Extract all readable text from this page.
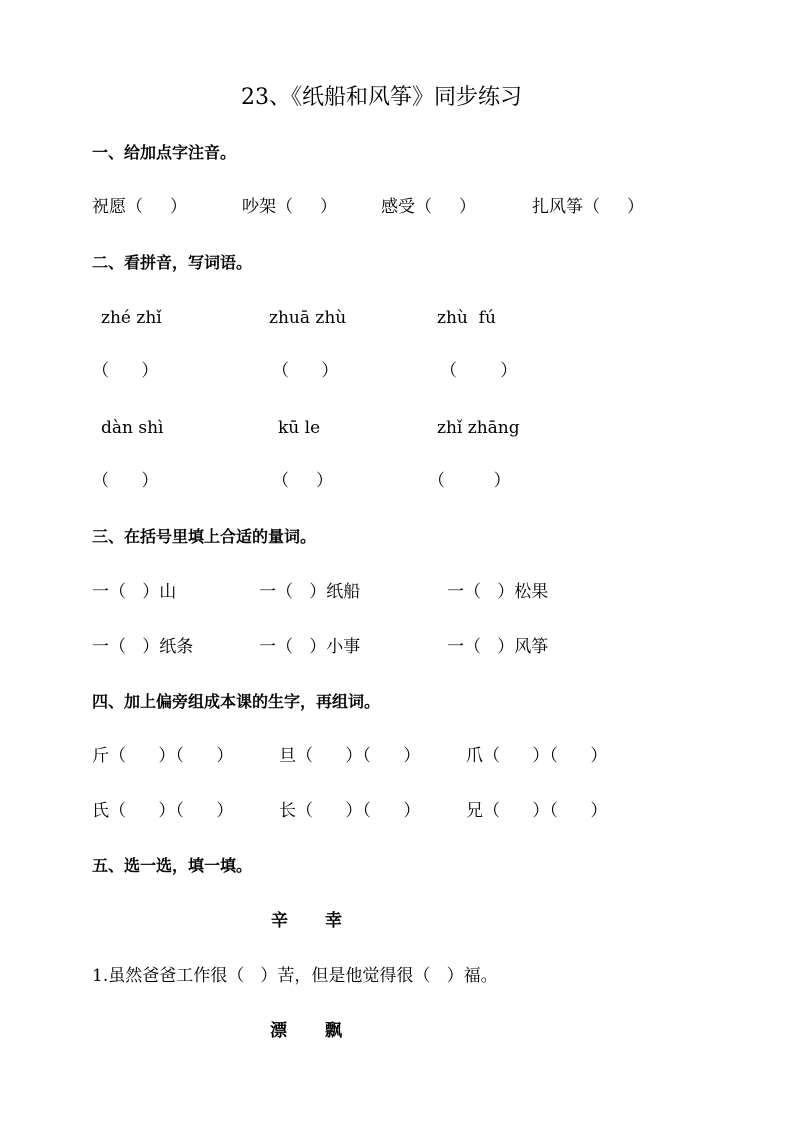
23、《纸船和风筝》同步练习
一、给加点字注音。
祝愿（     ）	吵架（     ）	感受（     ）	扎风筝（     ）
二、看拼音，写词语。
zhé zhǐ	zhuā zhù	zhù  fú
（      ）	（      ）	（        ）
dàn shì	kū le	zhǐ zhāng
（      ）	（     ）	（         ）
三、在括号里填上合适的量词。
一（   ）山	一（   ）纸船	一（   ）松果
一（   ）纸条	一（   ）小事	一（   ）风筝
四、加上偏旁组成本课的生字，再组词。
斤（      ）（      ）	旦（      ）（      ）	爪（      ）（      ）
氏（      ）（      ）	长（      ）（      ）	兄（      ）（      ）
五、选一选，填一填。
辛 幸
1.虽然爸爸工作很（   ）苦，但是他觉得很（   ）福。
漂 飘
